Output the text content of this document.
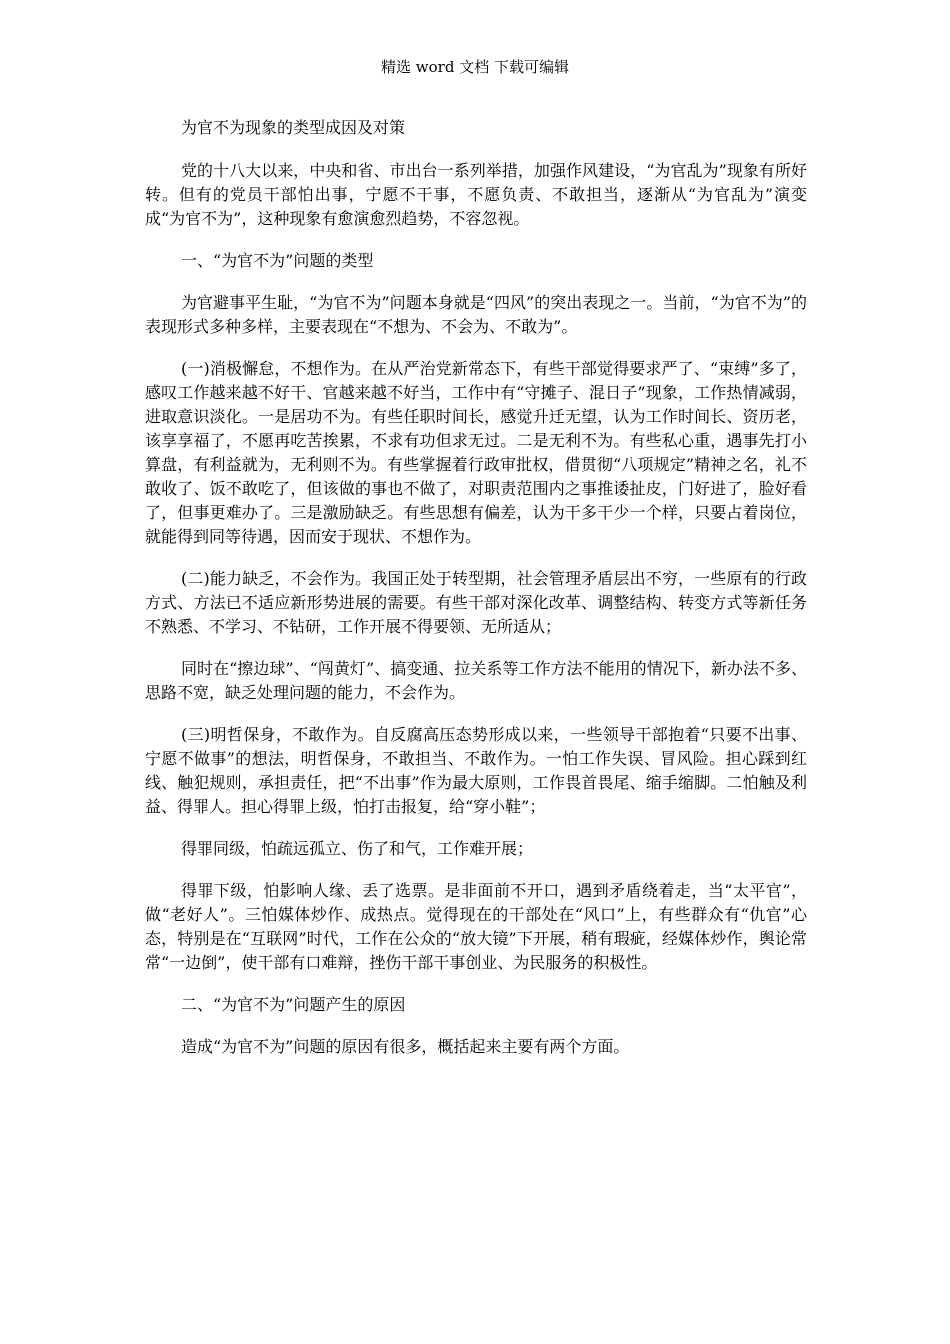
精选 word 文档 下载可编辑

为官不为现象的类型成因及对策

党的十八大以来，中央和省、市出台一系列举措，加强作风建设，“为官乱为”现象有所好转。但有的党员干部怕出事，宁愿不干事，不愿负责、不敢担当，逐渐从“为官乱为”演变成“为官不为”，这种现象有愈演愈烈趋势，不容忽视。

一、“为官不为”问题的类型

为官避事平生耻，“为官不为”问题本身就是“四风”的突出表现之一。当前，“为官不为”的表现形式多种多样，主要表现在“不想为、不会为、不敢为”。

(一)消极懈怠，不想作为。在从严治党新常态下，有些干部觉得要求严了、“束缚”多了，感叹工作越来越不好干、官越来越不好当，工作中有“守摊子、混日子”现象，工作热情减弱，进取意识淡化。一是居功不为。有些任职时间长，感觉升迁无望，认为工作时间长、资历老，该享享福了，不愿再吃苦挨累，不求有功但求无过。二是无利不为。有些私心重，遇事先打小算盘，有利益就为，无利则不为。有些掌握着行政审批权，借贯彻“八项规定”精神之名，礼不敢收了、饭不敢吃了，但该做的事也不做了，对职责范围内之事推诿扯皮，门好进了，脸好看了，但事更难办了。三是激励缺乏。有些思想有偏差，认为干多干少一个样，只要占着岗位，就能得到同等待遇，因而安于现状、不想作为。

(二)能力缺乏，不会作为。我国正处于转型期，社会管理矛盾层出不穷，一些原有的行政方式、方法已不适应新形势进展的需要。有些干部对深化改革、调整结构、转变方式等新任务不熟悉、不学习、不钻研，工作开展不得要领、无所适从；

同时在“擦边球”、“闯黄灯”、搞变通、拉关系等工作方法不能用的情况下，新办法不多、思路不宽，缺乏处理问题的能力，不会作为。

(三)明哲保身，不敢作为。自反腐高压态势形成以来，一些领导干部抱着“只要不出事、宁愿不做事”的想法，明哲保身，不敢担当、不敢作为。一怕工作失误、冒风险。担心踩到红线、触犯规则，承担责任，把“不出事”作为最大原则，工作畏首畏尾、缩手缩脚。二怕触及利益、得罪人。担心得罪上级，怕打击报复，给“穿小鞋”；

得罪同级，怕疏远孤立、伤了和气，工作难开展；

得罪下级，怕影响人缘、丢了选票。是非面前不开口，遇到矛盾绕着走，当“太平官”，做“老好人”。三怕媒体炒作、成热点。觉得现在的干部处在“风口”上，有些群众有“仇官”心态，特别是在“互联网”时代，工作在公众的“放大镜”下开展，稍有瑕疵，经媒体炒作，舆论常常“一边倒”，使干部有口难辩，挫伤干部干事创业、为民服务的积极性。

二、“为官不为”问题产生的原因

造成“为官不为”问题的原因有很多，概括起来主要有两个方面。
